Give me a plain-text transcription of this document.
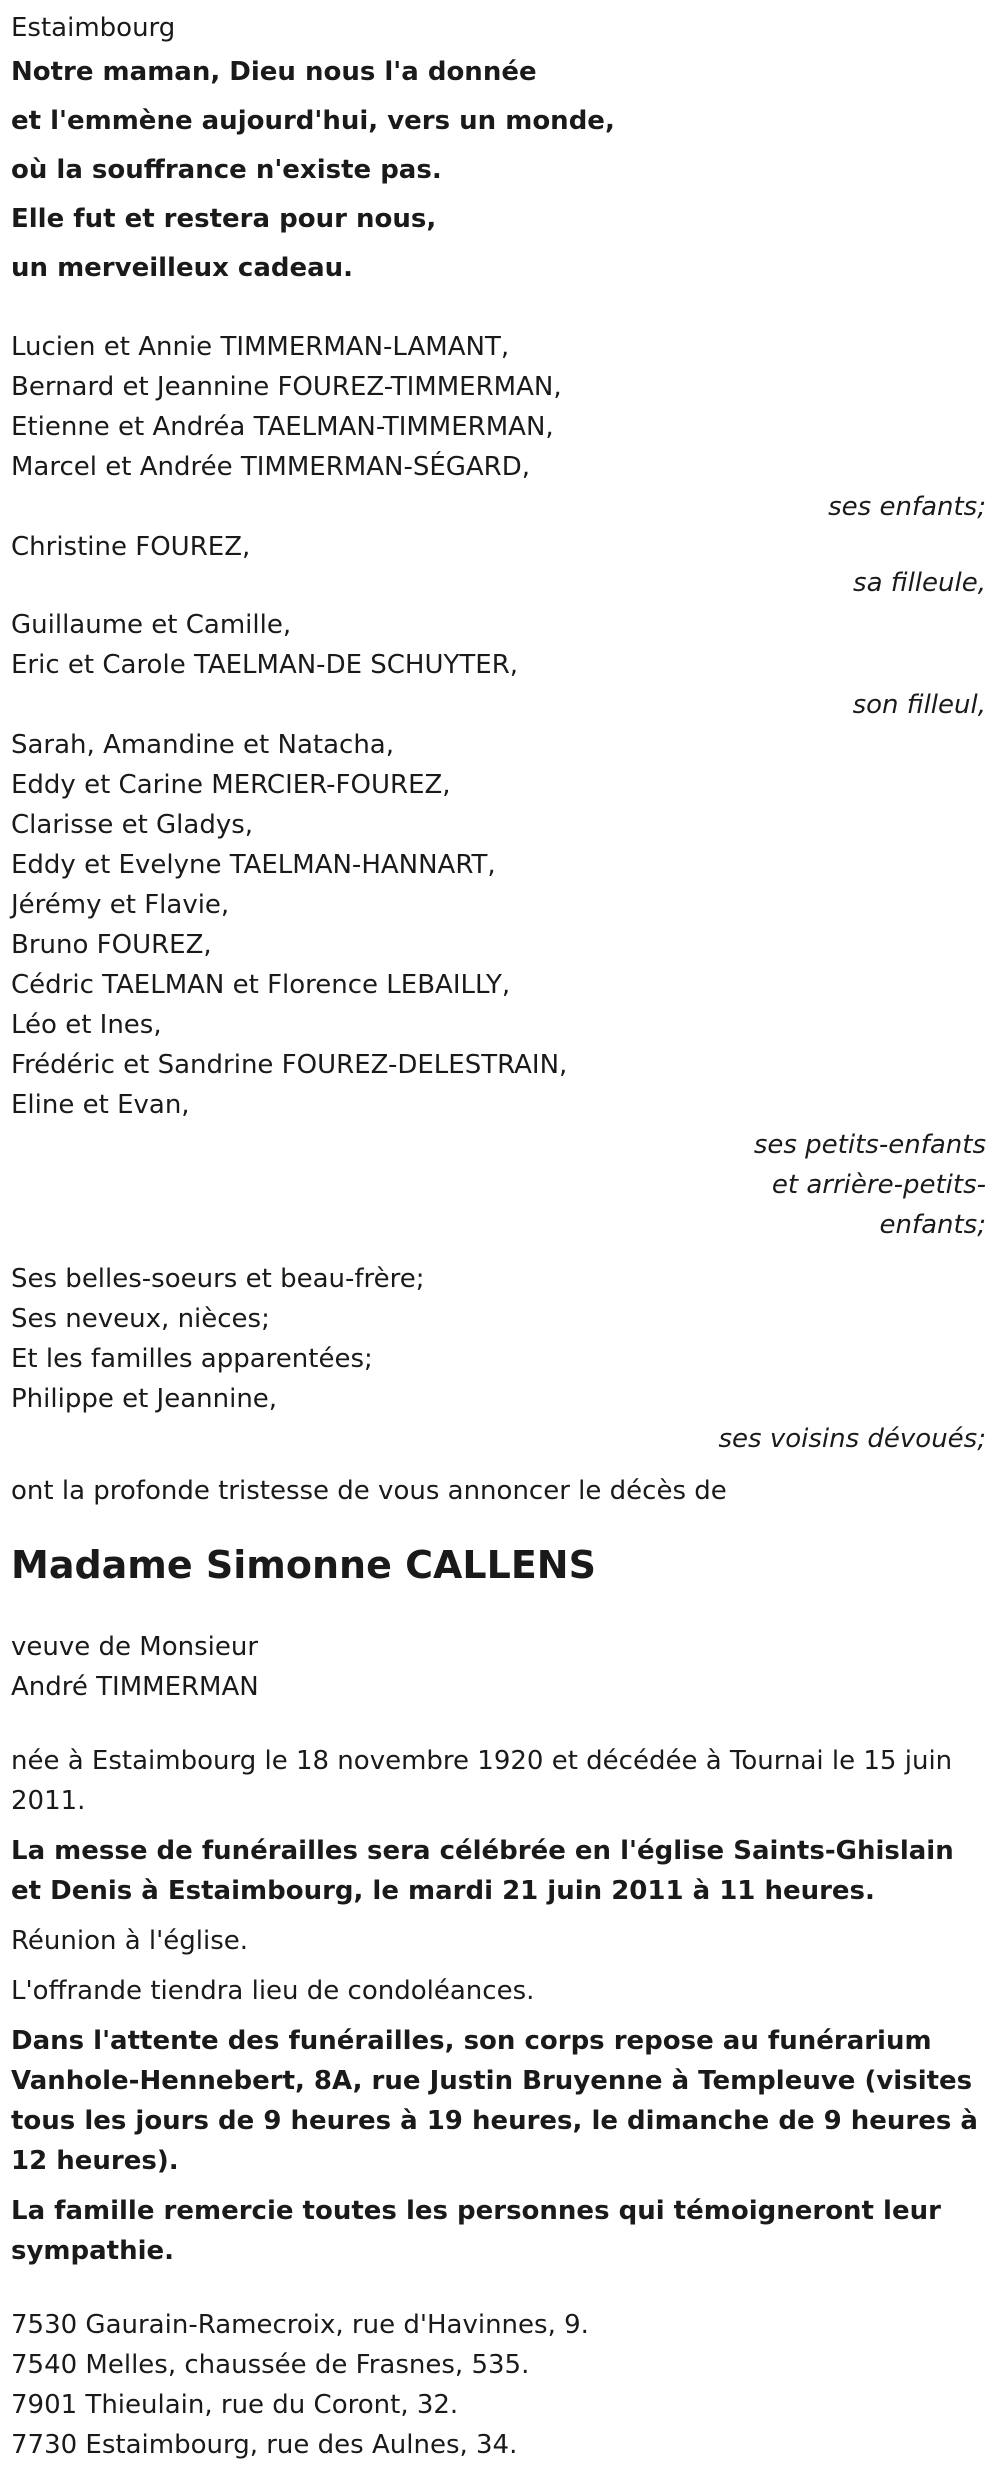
Estaimbourg
Notre maman, Dieu nous l'a donnée
et l'emmène aujourd'hui, vers un monde,
où la souffrance n'existe pas.
Elle fut et restera pour nous,
un merveilleux cadeau.
Lucien et Annie TIMMERMAN-LAMANT,
Bernard et Jeannine FOUREZ-TIMMERMAN,
Etienne et Andréa TAELMAN-TIMMERMAN,
Marcel et Andrée TIMMERMAN-SÉGARD,
ses enfants;
Christine FOUREZ,
sa filleule,
Guillaume et Camille,
Eric et Carole TAELMAN-DE SCHUYTER,
son filleul,
Sarah, Amandine et Natacha,
Eddy et Carine MERCIER-FOUREZ,
Clarisse et Gladys,
Eddy et Evelyne TAELMAN-HANNART,
Jérémy et Flavie,
Bruno FOUREZ,
Cédric TAELMAN et Florence LEBAILLY,
Léo et Ines,
Frédéric et Sandrine FOUREZ-DELESTRAIN,
Eline et Evan,
ses petits-enfants
et arrière-petits-
enfants;
Ses belles-soeurs et beau-frère;
Ses neveux, nièces;
Et les familles apparentées;
Philippe et Jeannine,
ses voisins dévoués;
ont la profonde tristesse de vous annoncer le décès de
Madame Simonne CALLENS
veuve de Monsieur
André TIMMERMAN
née à Estaimbourg le 18 novembre 1920 et décédée à Tournai le 15 juin 2011.
La messe de funérailles sera célébrée en l'église Saints-Ghislain et Denis à Estaimbourg, le mardi 21 juin 2011 à 11 heures.
Réunion à l'église.
L'offrande tiendra lieu de condoléances.
Dans l'attente des funérailles, son corps repose au funérarium Vanhole-Hennebert, 8A, rue Justin Bruyenne à Templeuve (visites tous les jours de 9 heures à 19 heures, le dimanche de 9 heures à 12 heures).
La famille remercie toutes les personnes qui témoigneront leur sympathie.
7530 Gaurain-Ramecroix, rue d'Havinnes, 9.
7540 Melles, chaussée de Frasnes, 535.
7901 Thieulain, rue du Coront, 32.
7730 Estaimbourg, rue des Aulnes, 34.
